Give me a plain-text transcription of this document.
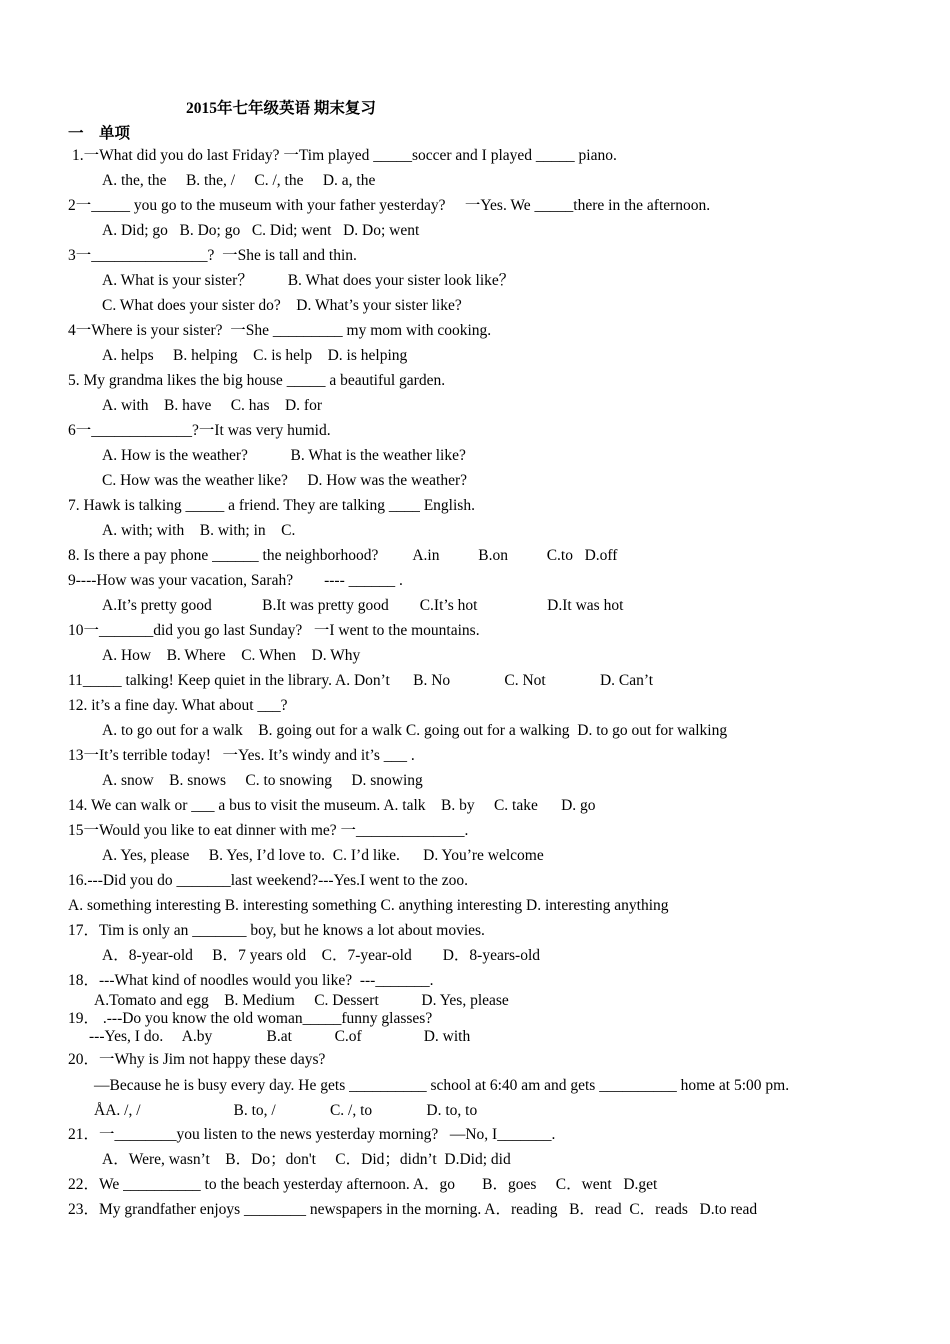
2015年七年级英语 期末复习
一    单项
1.一What did you do last Friday? 一Tim played _____soccer and I played _____ piano.
A. the, the     B. the, /     C. /, the     D. a, the
2一_____ you go to the museum with your father yesterday?     一Yes. We _____there in the afternoon.
A. Did; go   B. Do; go   C. Did; went   D. Do; went
3一_______________?  一She is tall and thin.
A. What is your sister？         B. What does your sister look like？
C. What does your sister do?    D. What’s your sister like?
4一Where is your sister?  一She _________ my mom with cooking.
A. helps     B. helping    C. is help    D. is helping
5. My grandma likes the big house _____ a beautiful garden.
A. with    B. have     C. has    D. for
6一_____________?一It was very humid.
A. How is the weather?           B. What is the weather like?
C. How was the weather like?     D. How was the weather?
7. Hawk is talking _____ a friend. They are talking ____ English.
A. with; with    B. with; in    C.
8. Is there a pay phone ______ the neighborhood?         A.in          B.on          C.to   D.off
9----How was your vacation, Sarah?        ---- ______ .
A.It’s pretty good             B.It was pretty good        C.It’s hot                  D.It was hot
10一_______did you go last Sunday?   一I went to the mountains.
A. How    B. Where    C. When    D. Why
11_____ talking! Keep quiet in the library. A. Don’t      B. No              C. Not              D. Can’t
12. it’s a fine day. What about ___?
A. to go out for a walk    B. going out for a walk C. going out for a walking  D. to go out for walking
13一It’s terrible today!   一Yes. It’s windy and it’s ___ .
A. snow    B. snows     C. to snowing     D. snowing
14. We can walk or ___ a bus to visit the museum. A. talk    B. by     C. take      D. go
15一Would you like to eat dinner with me? 一______________.
A. Yes, please     B. Yes, I’d love to.  C. I’d like.      D. You’re welcome
16.---Did you do _______last weekend?---Yes.I went to the zoo.
A. something interesting B. interesting something C. anything interesting D. interesting anything
17．Tim is only an _______ boy, but he knows a lot about movies.
A．8-year-old     B．7 years old    C．7-year-old        D．8-years-old
18．---What kind of noodles would you like?  ---_______.
A.Tomato and egg    B. Medium     C. Dessert           D. Yes, please
19． .---Do you know the old woman_____funny glasses?
---Yes, I do.     A.by              B.at           C.of                D. with
20．一Why is Jim not happy these days?
—Because he is busy every day. He gets __________ school at 6:40 am and gets __________ home at 5:00 pm.
ÅA. /, /                        B. to, /              C. /, to              D. to, to
21．一________you listen to the news yesterday morning?   —No, I_______.
A．Were, wasn’t    B．Do；don't     C．Did；didn’t  D.Did; did
22．We __________ to the beach yesterday afternoon. A．go       B．goes     C．went   D.get
23．My grandfather enjoys ________ newspapers in the morning. A．reading   B．read  C．reads   D.to read
